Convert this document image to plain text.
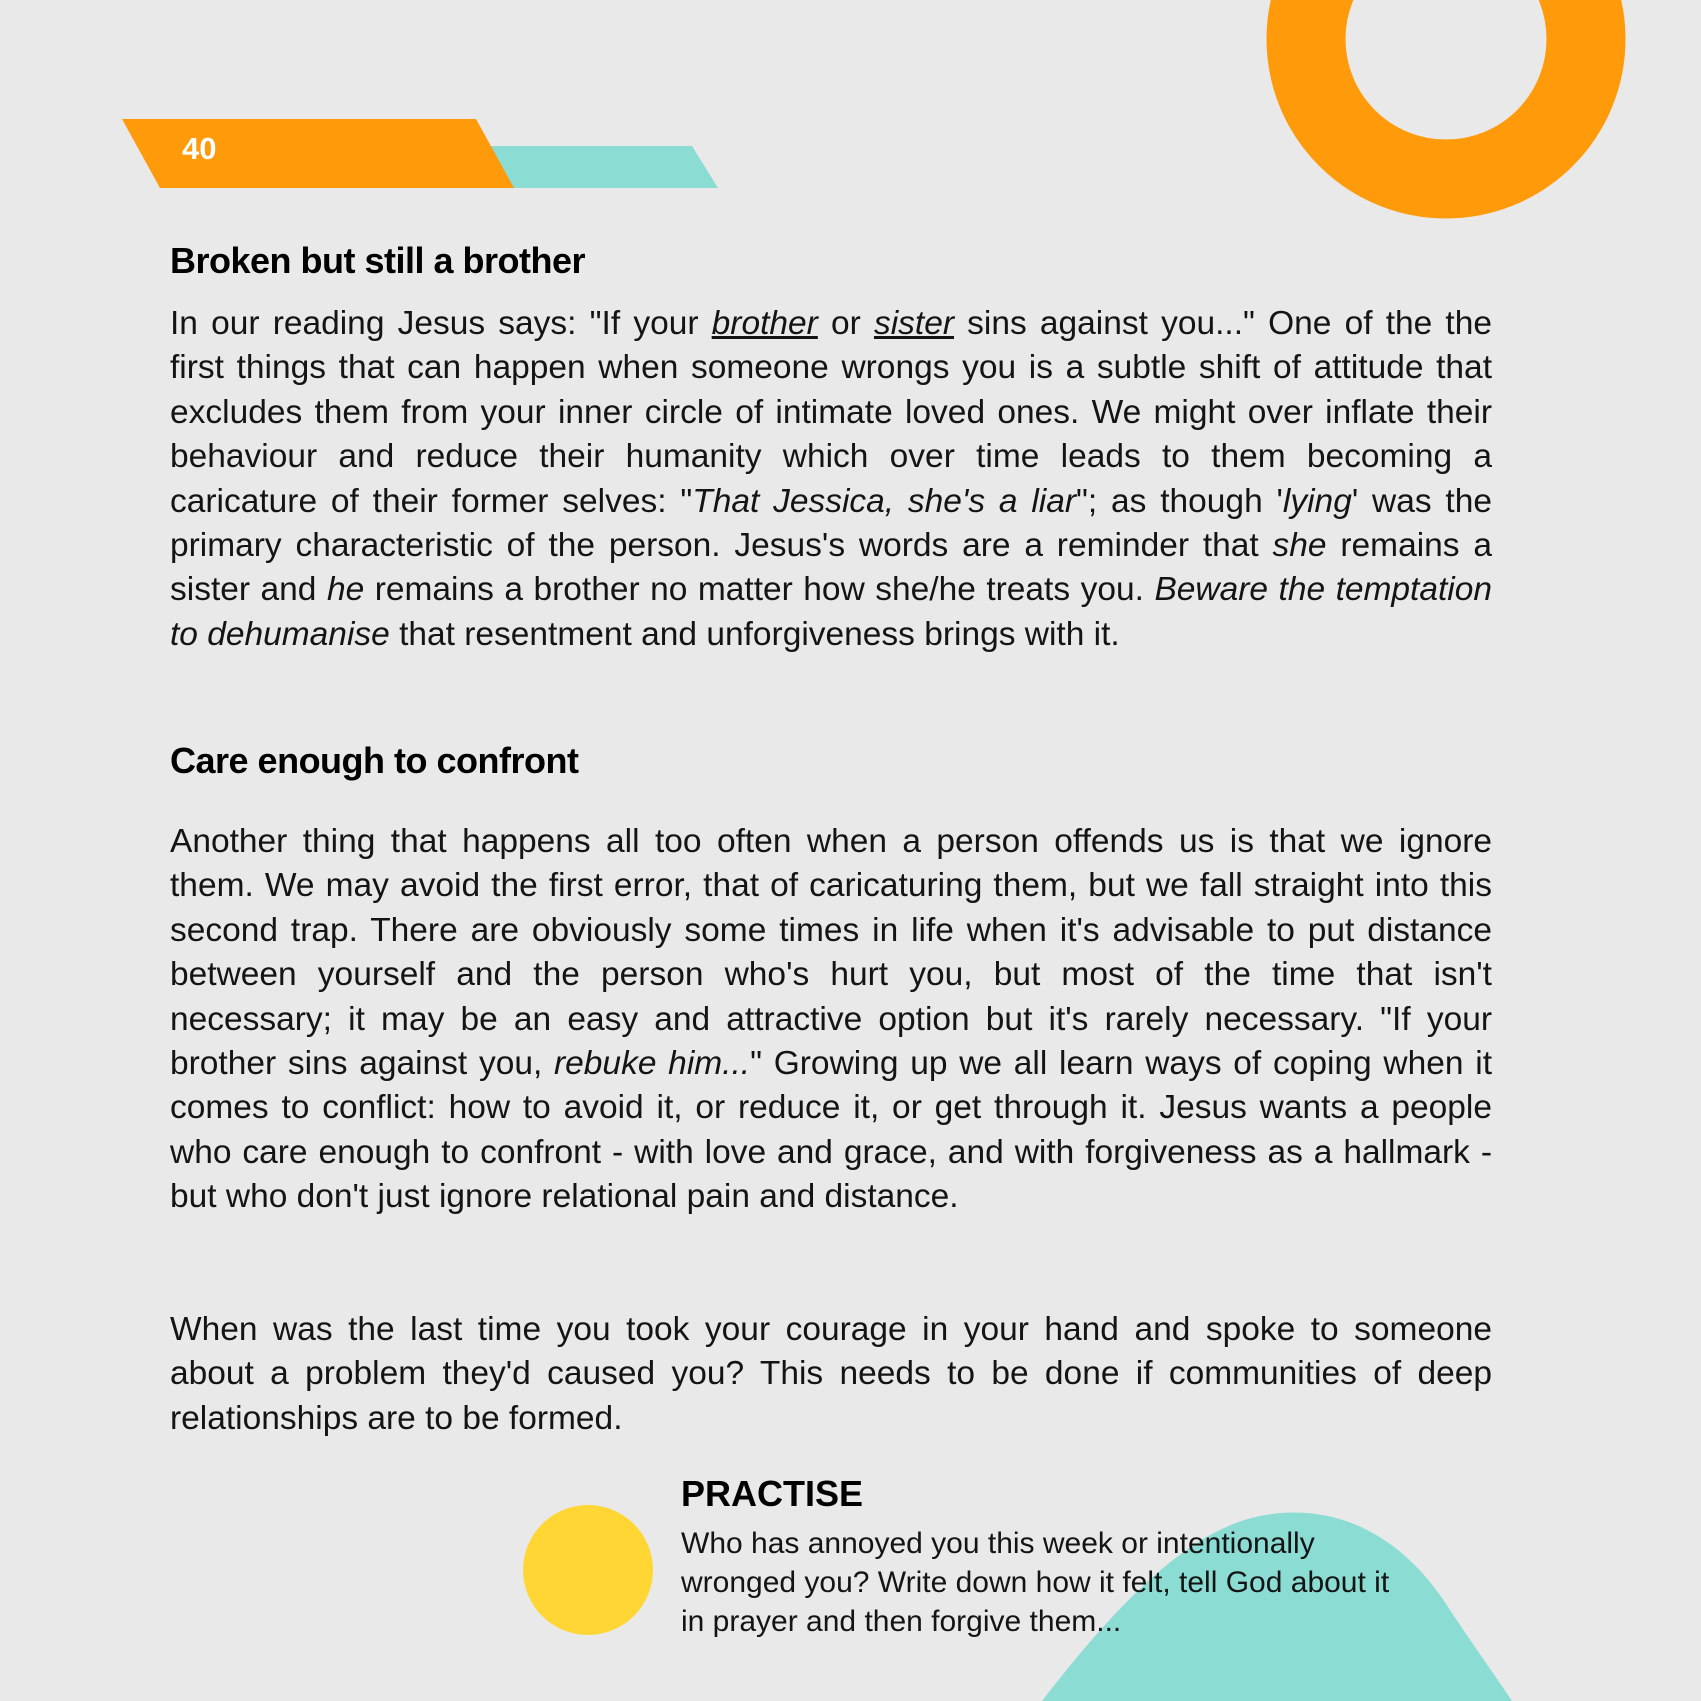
40
Broken but still a brother

In our reading Jesus says: "If your brother or sister sins against you..." One of the the first things that can happen when someone wrongs you is a subtle shift of attitude that excludes them from your inner circle of intimate loved ones. We might over inflate their behaviour and reduce their humanity which over time leads to them becoming a caricature of their former selves: "That Jessica, she's a liar"; as though 'lying' was the primary characteristic of the person. Jesus's words are a reminder that she remains a sister and he remains a brother no matter how she/he treats you. Beware the temptation to dehumanise that resentment and unforgiveness brings with it.

Care enough to confront

Another thing that happens all too often when a person offends us is that we ignore them. We may avoid the first error, that of caricaturing them, but we fall straight into this second trap. There are obviously some times in life when it's advisable to put distance between yourself and the person who's hurt you, but most of the time that isn't necessary; it may be an easy and attractive option but it's rarely necessary. "If your brother sins against you, rebuke him..." Growing up we all learn ways of coping when it comes to conflict: how to avoid it, or reduce it, or get through it. Jesus wants a people who care enough to confront - with love and grace, and with forgiveness as a hallmark - but who don't just ignore relational pain and distance.

When was the last time you took your courage in your hand and spoke to someone about a problem they'd caused you? This needs to be done if communities of deep relationships are to be formed.

PRACTISE
Who has annoyed you this week or intentionally wronged you? Write down how it felt, tell God about it in prayer and then forgive them...
